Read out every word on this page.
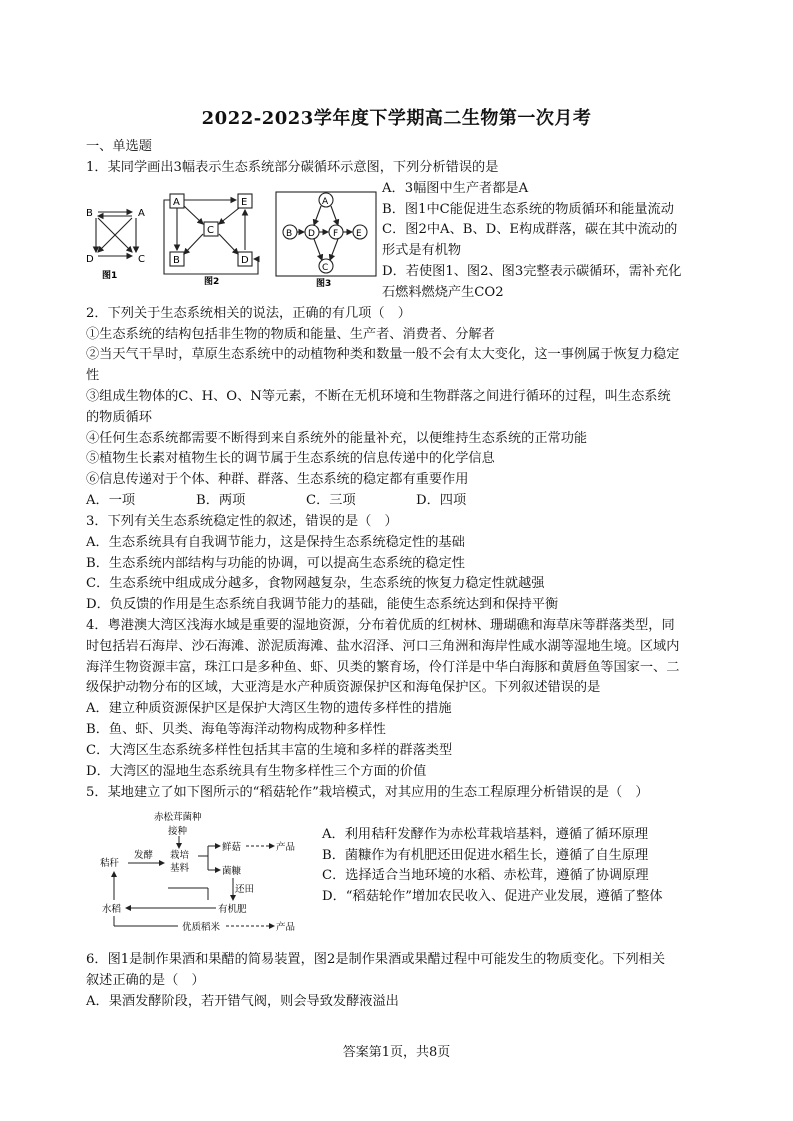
2022-2023学年度下学期高二生物第一次月考
一、单选题
1．某同学画出3幅表示生态系统部分碳循环示意图，下列分析错误的是
B	A
C
D
图1
A	E
C
B	D
图2
A
B D F E
C
图3
A．3幅图中生产者都是A
B．图1中C能促进生态系统的物质循环和能量流动
C．图2中A、B、D、E构成群落，碳在其中流动的
形式是有机物
D．若使图1、图2、图3完整表示碳循环，需补充化
石燃料燃烧产生CO2
2．下列关于生态系统相关的说法，正确的有几项（　）
①生态系统的结构包括非生物的物质和能量、生产者、消费者、分解者
②当天气干旱时，草原生态系统中的动植物种类和数量一般不会有太大变化，这一事例属于恢复力稳定
性
③组成生物体的C、H、O、N等元素，不断在无机环境和生物群落之间进行循环的过程，叫生态系统
的物质循环
④任何生态系统都需要不断得到来自系统外的能量补充，以便维持生态系统的正常功能
⑤植物生长素对植物生长的调节属于生态系统的信息传递中的化学信息
⑥信息传递对于个体、种群、群落、生态系统的稳定都有重要作用
A．一项	B．两项	C．三项	D．四项
3．下列有关生态系统稳定性的叙述，错误的是（　）
A．生态系统具有自我调节能力，这是保持生态系统稳定性的基础
B．生态系统内部结构与功能的协调，可以提高生态系统的稳定性
C．生态系统中组成成分越多，食物网越复杂，生态系统的恢复力稳定性就越强
D．负反馈的作用是生态系统自我调节能力的基础，能使生态系统达到和保持平衡
4．粤港澳大湾区浅海水域是重要的湿地资源，分布着优质的红树林、珊瑚礁和海草床等群落类型，同
时包括岩石海岸、沙石海滩、淤泥质海滩、盐水沼泽、河口三角洲和海岸性咸水湖等湿地生境。区域内
海洋生物资源丰富，珠江口是多种鱼、虾、贝类的繁育场，伶仃洋是中华白海豚和黄唇鱼等国家一、二
级保护动物分布的区域，大亚湾是水产种质资源保护区和海龟保护区。下列叙述错误的是
A．建立种质资源保护区是保护大湾区生物的遗传多样性的措施
B．鱼、虾、贝类、海龟等海洋动物构成物种多样性
C．大湾区生态系统多样性包括其丰富的生境和多样的群落类型
D．大湾区的湿地生态系统具有生物多样性三个方面的价值
5．某地建立了如下图所示的“稻菇轮作”栽培模式，对其应用的生态工程原理分析错误的是（　）
赤松茸菌种
接种
栽培
基料
发酵
秸秆
鲜菇	产品
菌糠
还田
有机肥
水稻
优质稻米	产品
A．利用秸秆发酵作为赤松茸栽培基料，遵循了循环原理
B．菌糠作为有机肥还田促进水稻生长，遵循了自生原理
C．选择适合当地环境的水稻、赤松茸，遵循了协调原理
D．“稻菇轮作”增加农民收入、促进产业发展，遵循了整体
6．图1是制作果酒和果醋的简易装置，图2是制作果酒或果醋过程中可能发生的物质变化。下列相关
叙述正确的是（　）
A．果酒发酵阶段，若开错气阀，则会导致发酵液溢出
答案第1页，共8页
